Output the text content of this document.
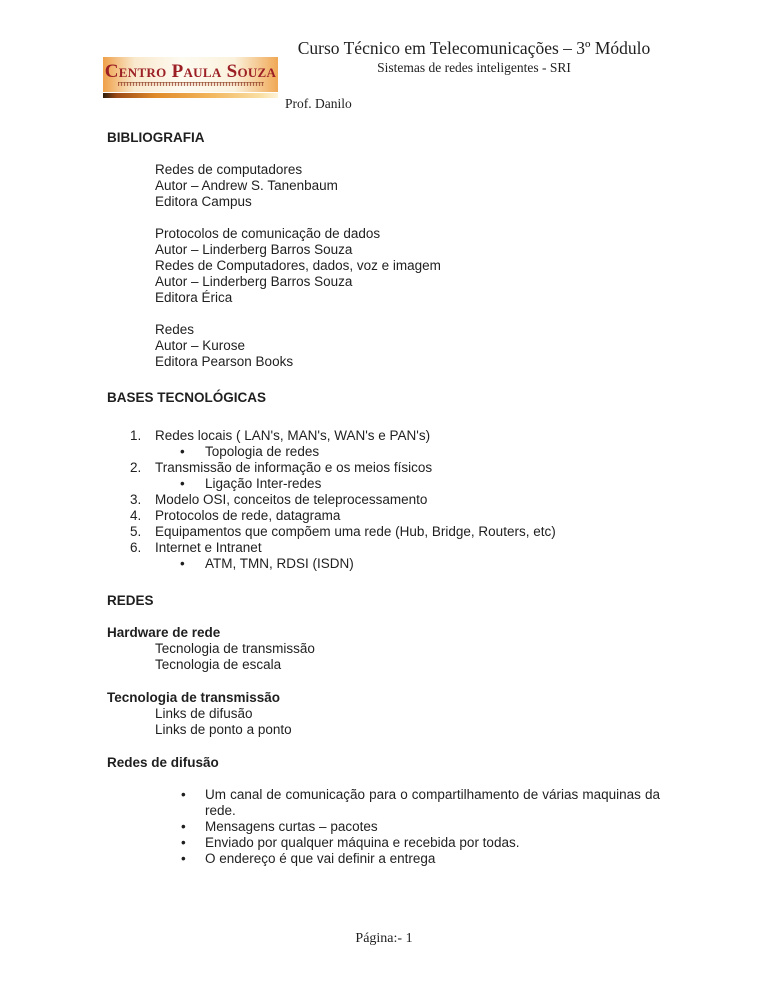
Centro Paula Souza
Curso Técnico em Telecomunicações – 3º Módulo
Sistemas de redes inteligentes - SRI
Prof. Danilo
BIBLIOGRAFIA
Redes de computadores
Autor – Andrew S. Tanenbaum
Editora Campus
Protocolos de comunicação de dados
Autor – Linderberg Barros Souza
Redes de Computadores, dados, voz e imagem
Autor – Linderberg Barros Souza
Editora Érica
Redes
Autor – Kurose
Editora Pearson Books
BASES TECNOLÓGICAS
1.	Redes locais ( LAN's, MAN's, WAN's e PAN's)
• Topologia de redes
2.	Transmissão de informação e os meios físicos
• Ligação Inter-redes
3.	Modelo OSI, conceitos de teleprocessamento
4.	Protocolos de rede, datagrama
5.	Equipamentos que compõem uma rede (Hub, Bridge, Routers, etc)
6.	Internet e Intranet
• ATM, TMN, RDSI (ISDN)
REDES
Hardware de rede
Tecnologia de transmissão
Tecnologia de escala
Tecnologia de transmissão
Links de difusão
Links de ponto a ponto
Redes de difusão
• Um canal de comunicação para o compartilhamento de várias maquinas da rede.
• Mensagens curtas – pacotes
• Enviado por qualquer máquina e recebida por todas.
• O endereço é que vai definir a entrega
Página:- 1
